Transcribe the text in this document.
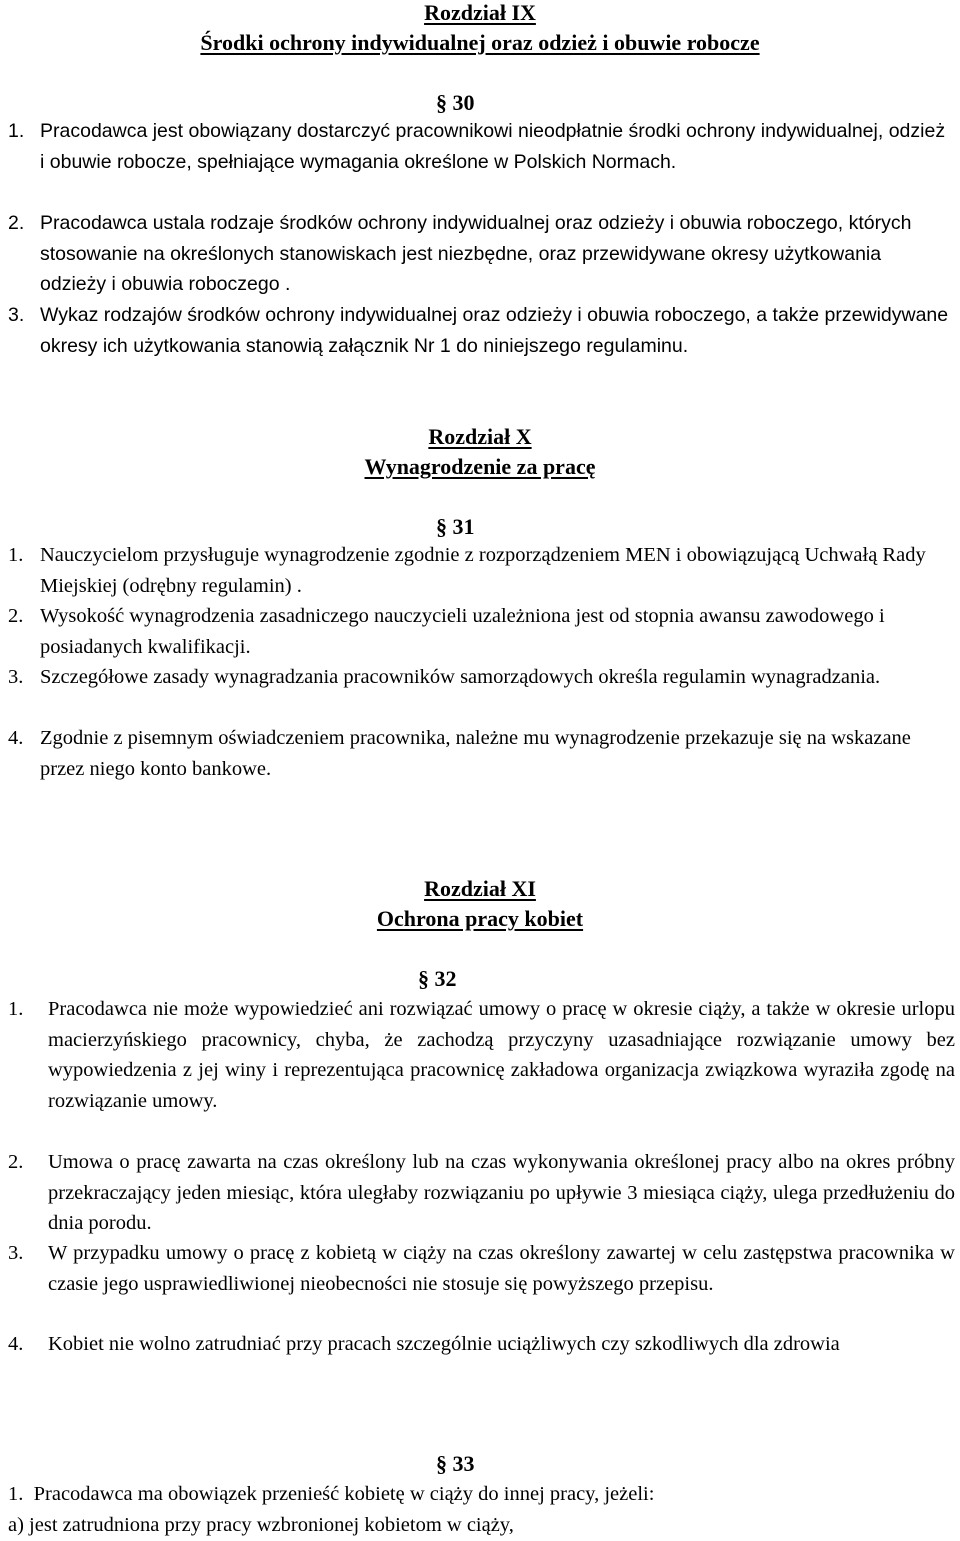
Rozdział IX
Środki ochrony indywidualnej oraz odzież i obuwie robocze
§ 30
1. Pracodawca jest obowiązany dostarczyć pracownikowi nieodpłatnie środki ochrony indywidualnej, odzież i obuwie robocze, spełniające wymagania określone w Polskich Normach.
2. Pracodawca ustala rodzaje środków ochrony indywidualnej oraz odzieży i obuwia roboczego, których stosowanie na określonych stanowiskach jest niezbędne, oraz przewidywane okresy użytkowania odzieży i obuwia roboczego .
3. Wykaz rodzajów środków ochrony indywidualnej oraz odzieży i obuwia roboczego, a także przewidywane okresy ich użytkowania stanowią załącznik Nr 1 do niniejszego regulaminu.
Rozdział X
Wynagrodzenie za pracę
§ 31
1. Nauczycielom przysługuje wynagrodzenie zgodnie z rozporządzeniem MEN i obowiązującą Uchwałą Rady Miejskiej (odrębny regulamin) .
2. Wysokość wynagrodzenia zasadniczego nauczycieli uzależniona jest od stopnia awansu zawodowego i posiadanych kwalifikacji.
3. Szczegółowe zasady wynagradzania pracowników samorządowych określa regulamin wynagradzania.
4. Zgodnie z pisemnym oświadczeniem pracownika, należne mu wynagrodzenie przekazuje się na wskazane przez niego konto bankowe.
Rozdział XI
Ochrona pracy kobiet
§ 32
1.	Pracodawca nie może wypowiedzieć ani rozwiązać umowy o pracę w okresie ciąży, a także w okresie urlopu macierzyńskiego pracownicy, chyba, że zachodzą przyczyny uzasadniające rozwiązanie umowy bez wypowiedzenia z jej winy i reprezentująca pracownicę zakładowa organizacja związkowa wyraziła zgodę na rozwiązanie umowy.
2.	Umowa o pracę zawarta na czas określony lub na czas wykonywania określonej pracy albo na okres próbny przekraczający jeden miesiąc, która uległaby rozwiązaniu po upływie 3 miesiąca ciąży, ulega przedłużeniu do dnia porodu.
3.	W przypadku umowy o pracę z kobietą w ciąży na czas określony zawartej w celu zastępstwa pracownika w czasie jego usprawiedliwionej nieobecności nie stosuje się powyższego przepisu.
4.	Kobiet nie wolno zatrudniać przy pracach szczególnie uciążliwych czy szkodliwych dla zdrowia
§ 33
1.  Pracodawca ma obowiązek przenieść kobietę w ciąży do innej pracy, jeżeli:
a) jest zatrudniona przy pracy wzbronionej kobietom w ciąży,
